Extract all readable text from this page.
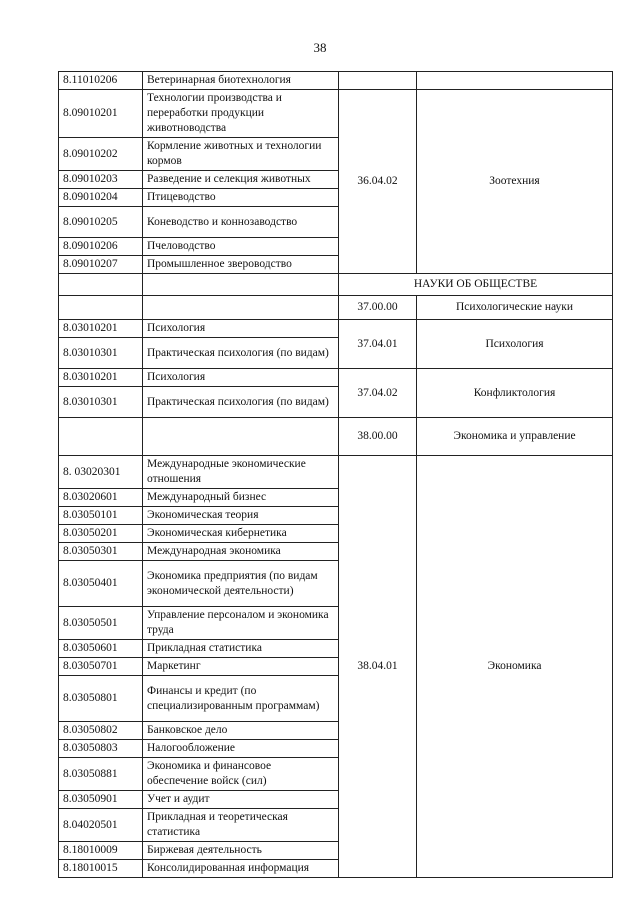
38
8.11010206	Ветеринарная биотехнология		
8.09010201	Технологии производства и переработки продукции животноводства	36.04.02	Зоотехния
8.09010202	Кормление животных и технологии кормов		
8.09010203	Разведение и селекция животных		
8.09010204	Птицеводство		
8.09010205	Коневодство и коннозаводство		
8.09010206	Пчеловодство		
8.09010207	Промышленное звероводство		
		НАУКИ ОБ ОБЩЕСТВЕ	
		37.00.00	Психологические науки
8.03010201	Психология	37.04.01	Психология
8.03010301	Практическая психология (по видам)		
8.03010201	Психология	37.04.02	Конфликтология
8.03010301	Практическая психология (по видам)		
		38.00.00	Экономика и управление
8. 03020301	Международные экономические отношения	38.04.01	Экономика
8.03020601	Международный бизнес		
8.03050101	Экономическая теория		
8.03050201	Экономическая кибернетика		
8.03050301	Международная экономика		
8.03050401	Экономика предприятия (по видам экономической деятельности)		
8.03050501	Управление персоналом и экономика труда		
8.03050601	Прикладная статистика		
8.03050701	Маркетинг		
8.03050801	Финансы и кредит (по специализированным программам)		
8.03050802	Банковское дело		
8.03050803	Налогообложение		
8.03050881	Экономика и финансовое обеспечение войск (сил)		
8.03050901	Учет и аудит		
8.04020501	Прикладная и теоретическая статистика		
8.18010009	Биржевая деятельность		
8.18010015	Консолидированная информация		
